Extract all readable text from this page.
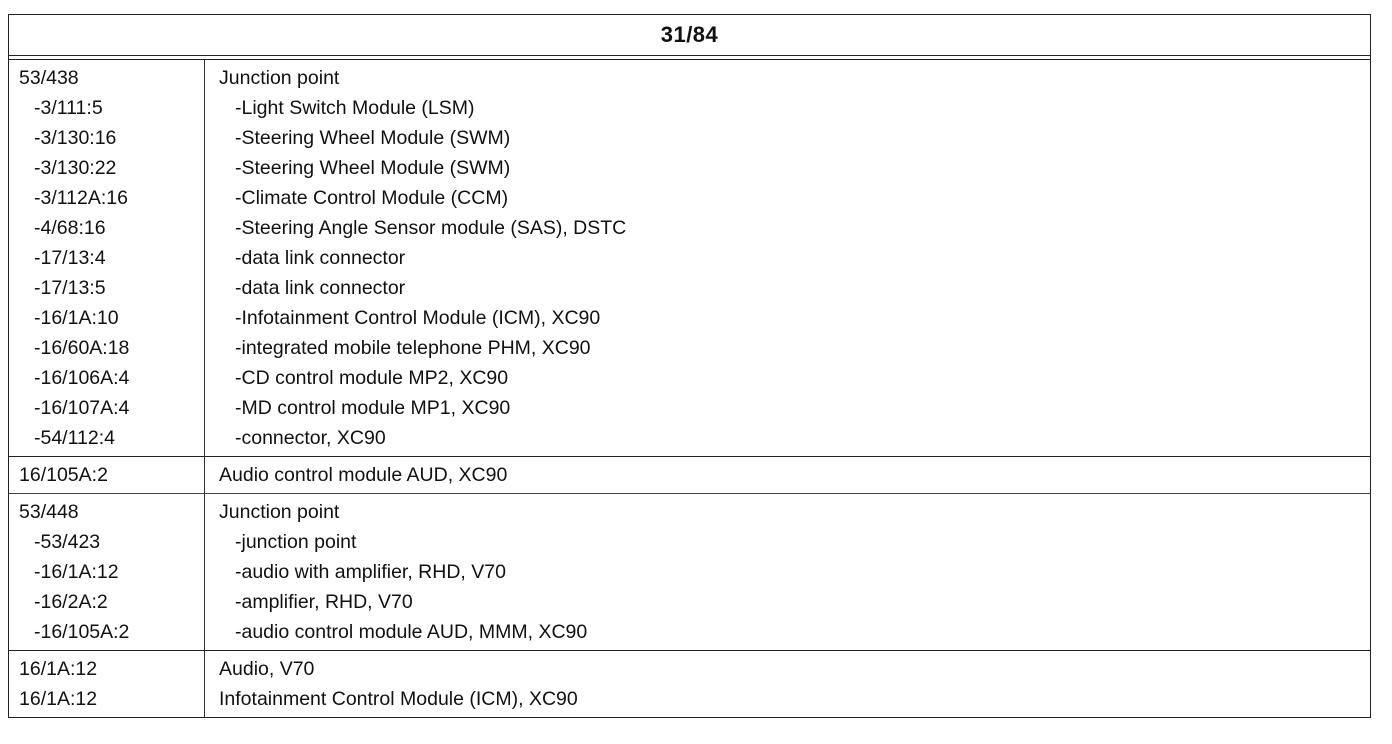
31/84
53/438
-3/111:5
-3/130:16
-3/130:22
-3/112A:16
-4/68:16
-17/13:4
-17/13:5
-16/1A:10
-16/60A:18
-16/106A:4
-16/107A:4
-54/112:4
Junction point
-Light Switch Module (LSM)
-Steering Wheel Module (SWM)
-Steering Wheel Module (SWM)
-Climate Control Module (CCM)
-Steering Angle Sensor module (SAS), DSTC
-data link connector
-data link connector
-Infotainment Control Module (ICM), XC90
-integrated mobile telephone PHM, XC90
-CD control module MP2, XC90
-MD control module MP1, XC90
-connector, XC90
16/105A:2	Audio control module AUD, XC90
53/448
-53/423
-16/1A:12
-16/2A:2
-16/105A:2
Junction point
-junction point
-audio with amplifier, RHD, V70
-amplifier, RHD, V70
-audio control module AUD, MMM, XC90
16/1A:12
16/1A:12
Audio, V70
Infotainment Control Module (ICM), XC90
